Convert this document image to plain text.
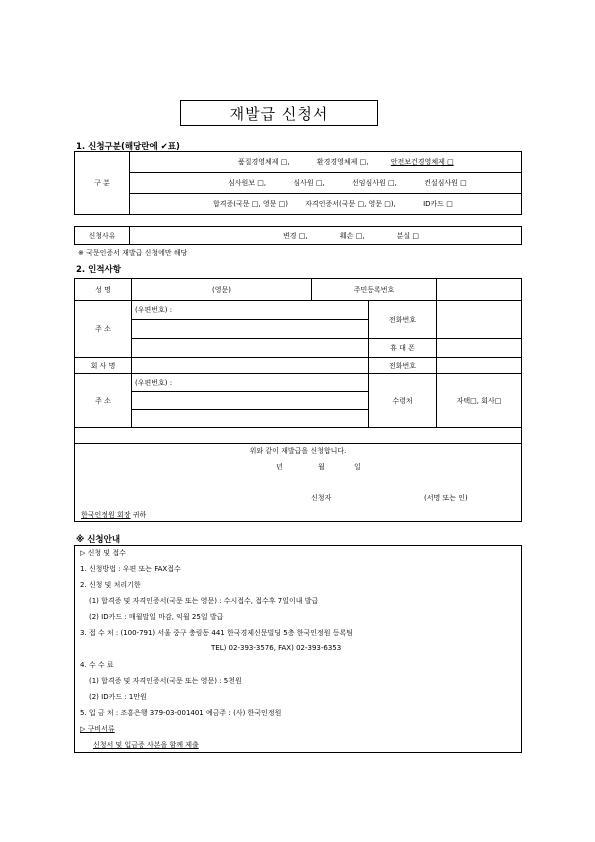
재발급 신청서
1. 신청구분(해당란에 ✔표)
구 분	품질경영체제 □,	환경경영체제 □,	안전보건경영체제 □
심사원보 □,	심사원 □,	선임심사원 □,	컨설심사원 □
합격증(국문 □, 영문 □) 자격인증서(국문 □, 영문 □),	ID카드 □
신청사유	변경 □,	훼손 □,	분실 □
※ 국문인증서 재발급 신청에만 해당
2. 인적사항
성 명	(영문)	주민등록번호		
주 소	(우편번호) :		전화번호	

			휴 대 폰	
회 사 명			전화번호	
주 소	(우편번호) :		수령처	자택□, 회사□

위와 같이 재발급을 신청합니다.
년	월	일
신청자	(서명 또는 인)
한국인정원 회장 귀하
※ 신청안내
▷ 신청 및 접수
1. 신청방법 : 우편 또는 FAX접수
2. 신청 및 처리기한
(1) 합격증 및 자격인증서(국문 또는 영문) : 수시접수, 접수후 7일이내 발급
(2) ID카드 : 매월말일 마감, 익월 25일 발급
3. 접 수 처 : (100-791) 서울 중구 충림동 441 한국경제신문빌딩 5층 한국인정원 등록팀
TEL) 02-393-3576, FAX) 02-393-6353
4. 수 수 료
(1) 합격증 및 자격인증서(국문 또는 영문) : 5천원
(2) ID카드 : 1만원
5. 입 금 처 : 조흥은행 379-03-001401 예금주 : (사) 한국인정원
▷ 구비서류
신청서 및 입금증 사본을 함께 제출
